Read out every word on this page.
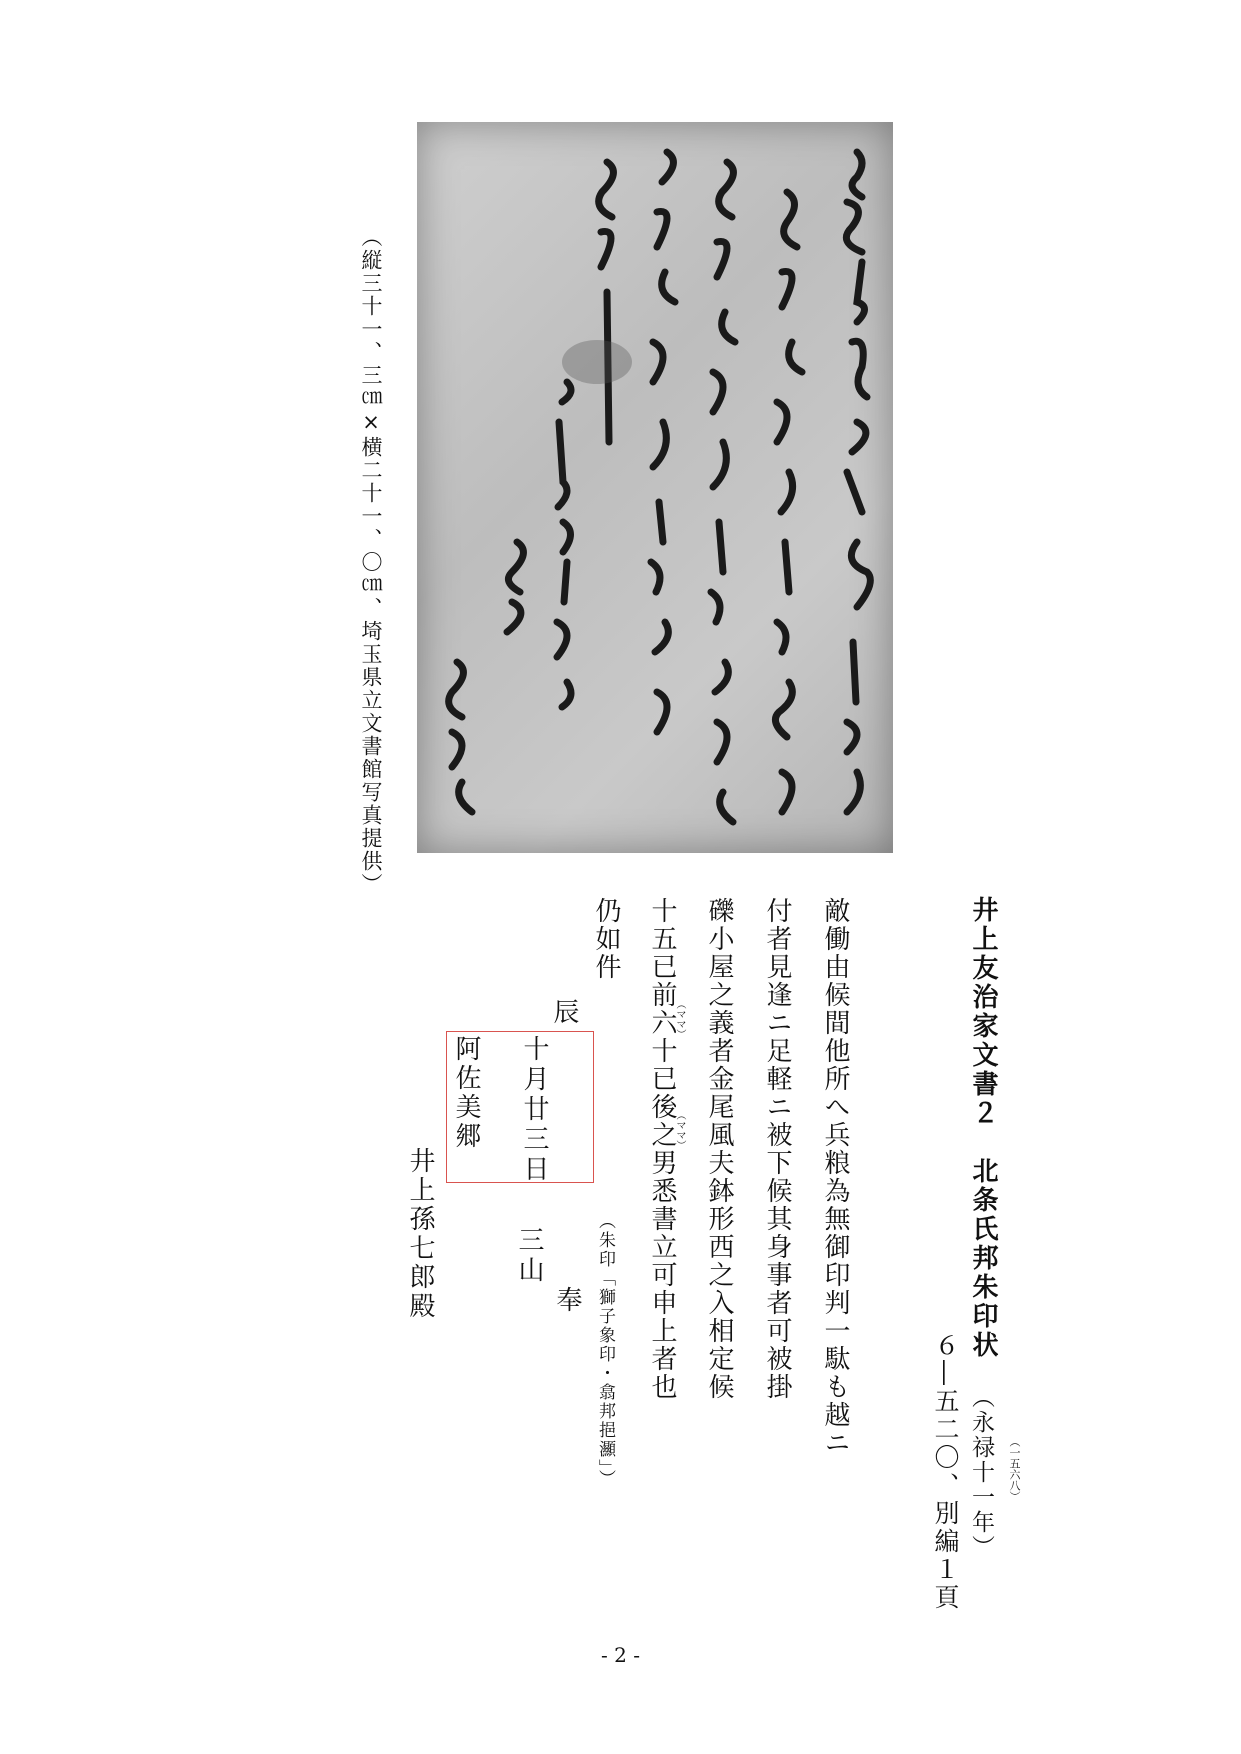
（縦三十一、三㎝×横二十一、〇㎝、埼玉県立文書館写真提供）
井上友治家文書２　北条氏邦朱印状
（永禄十一年）	（一五六八）
６―五二〇、別編１頁
敵働由候間他所へ兵粮為無御印判一駄も越ニ
付者見逢ニ足軽ニ被下候其身事者可被掛
礫小屋之義者金尾風夫鉢形西之入相定候
十五已前六十已後之男悉書立可申上者也
（ママ）
（ママ）
仍如件
（朱印「獅子象印・翕邦挹灦」）
辰
十月廿三日
三山
奉
阿佐美郷
井上孫七郎殿
- 2 -
